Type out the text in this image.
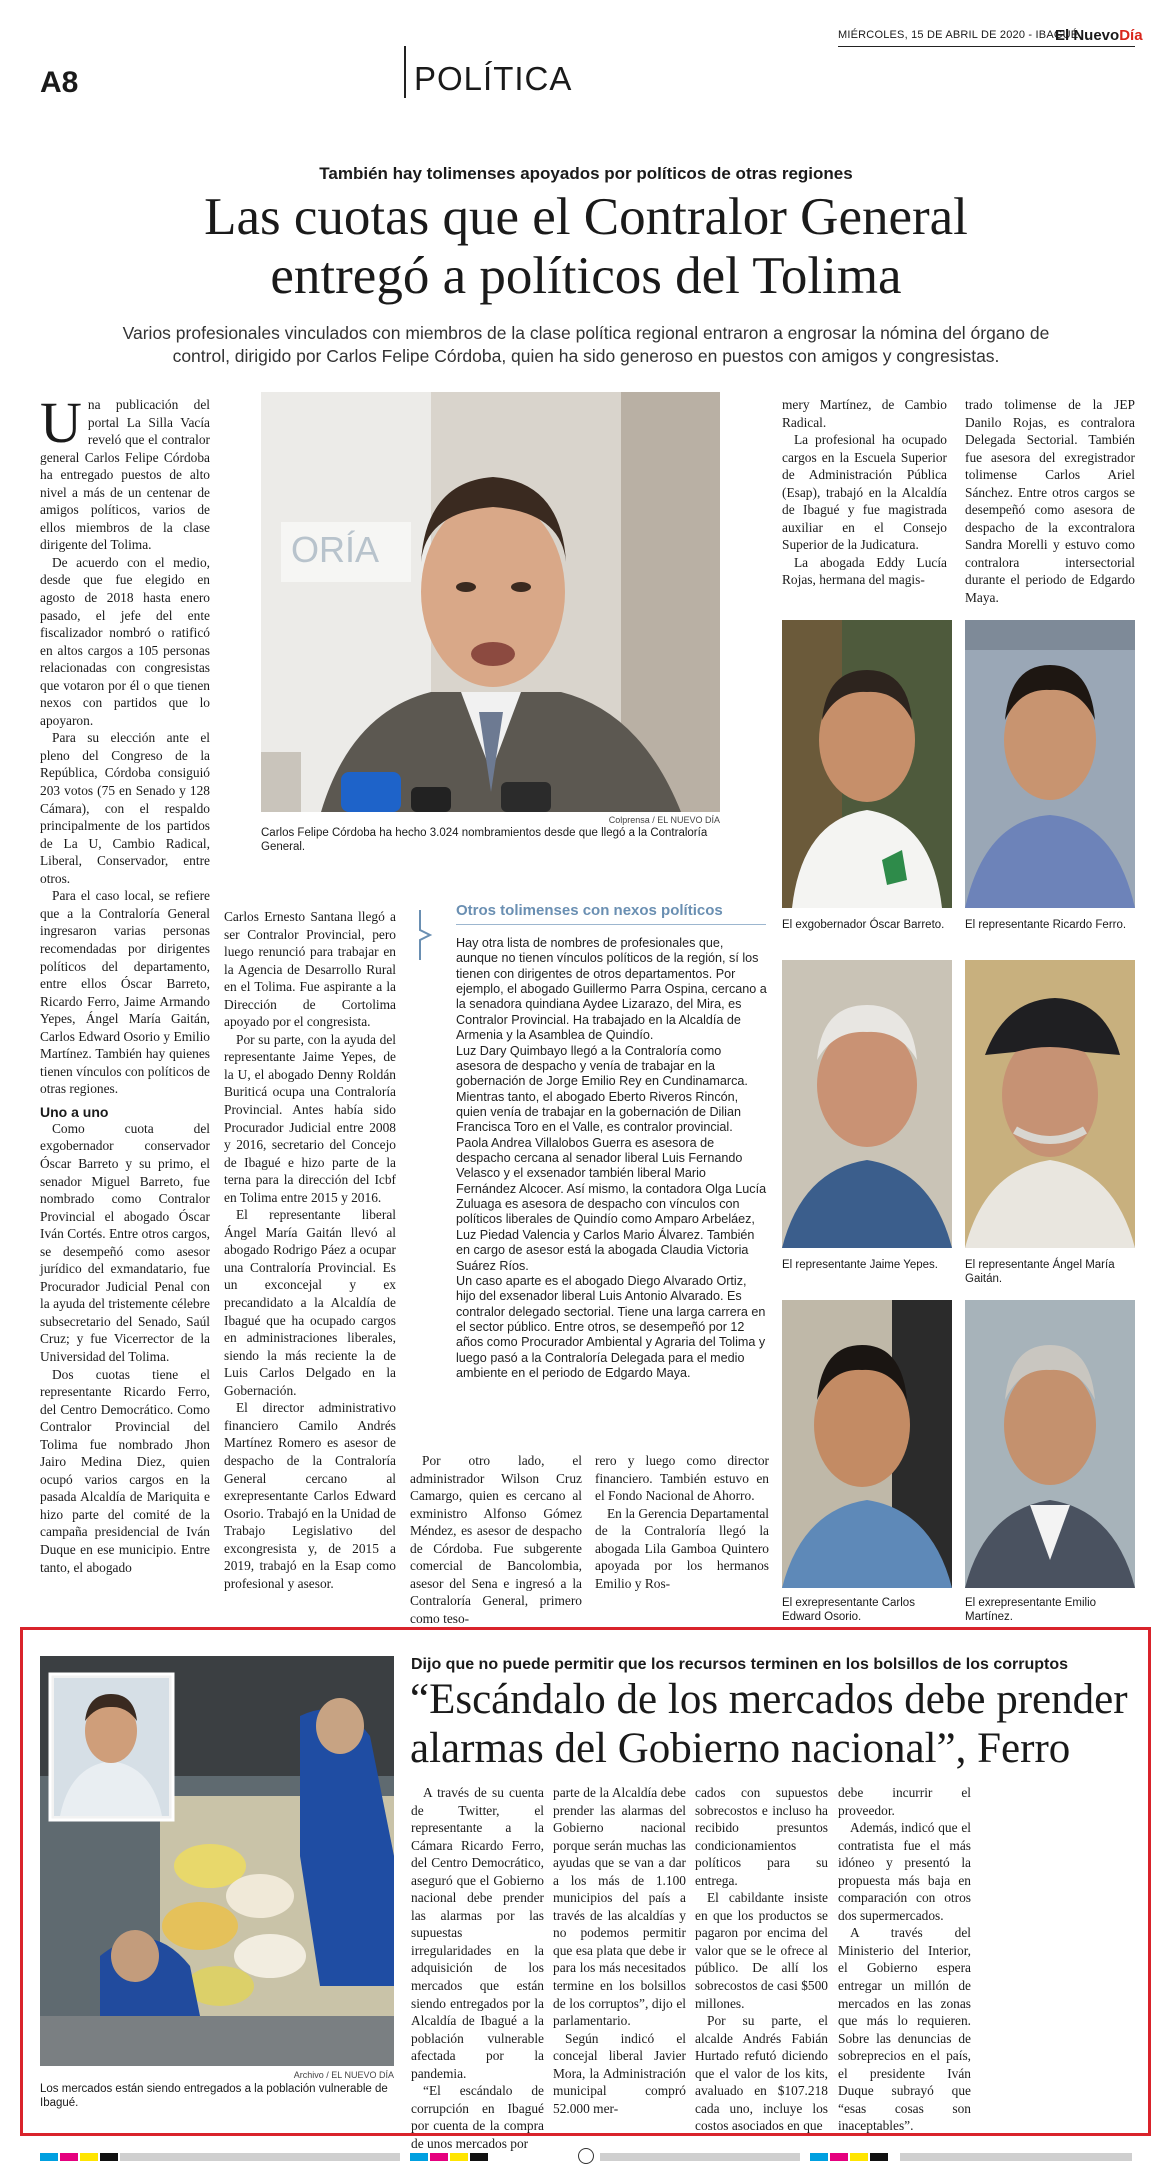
A8	POLÍTICA
MIÉRCOLES, 15 DE ABRIL DE 2020 - IBAGUÉ
El NuevoDía
También hay tolimenses apoyados por políticos de otras regiones
Las cuotas que el Contralor General
entregó a políticos del Tolima
Varios profesionales vinculados con miembros de la clase política regional entraron a engrosar la nómina del órgano de control, dirigido por Carlos Felipe Córdoba, quien ha sido generoso en puestos con amigos y congresistas.

Una publicación del portal La Silla Vacía reveló que el contralor general Carlos Felipe Córdoba ha entregado puestos de alto nivel a más de un centenar de amigos políticos, varios de ellos miembros de la clase dirigente del Tolima.

De acuerdo con el medio, desde que fue elegido en agosto de 2018 hasta enero pasado, el jefe del ente fiscalizador nombró o ratificó en altos cargos a 105 personas relacionadas con congresistas que votaron por él o que tienen nexos con partidos que lo apoyaron.

Para su elección ante el pleno del Congreso de la República, Córdoba consiguió 203 votos (75 en Senado y 128 Cámara), con el respaldo principalmente de los partidos de La U, Cambio Radical, Liberal, Conservador, entre otros.

Para el caso local, se refiere que a la Contraloría General ingresaron varias personas recomendadas por dirigentes políticos del departamento, entre ellos Óscar Barreto, Ricardo Ferro, Jaime Armando Yepes, Ángel María Gaitán, Carlos Edward Osorio y Emilio Martínez. También hay quienes tienen vínculos con políticos de otras regiones.

Uno a uno

Como cuota del exgobernador conservador Óscar Barreto y su primo, el senador Miguel Barreto, fue nombrado como Contralor Provincial el abogado Óscar Iván Cortés. Entre otros cargos, se desempeñó como asesor jurídico del exmandatario, fue Procurador Judicial Penal con la ayuda del tristemente célebre subsecretario del Senado, Saúl Cruz; y fue Vicerrector de la Universidad del Tolima.

Dos cuotas tiene el representante Ricardo Ferro, del Centro Democrático. Como Contralor Provincial del Tolima fue nombrado Jhon Jairo Medina Diez, quien ocupó varios cargos en la pasada Alcaldía de Mariquita e hizo parte del comité de la campaña presidencial de Iván Duque en ese municipio. Entre tanto, el abogado

ORÍA
Colprensa / EL NUEVO DÍA
Carlos Felipe Córdoba ha hecho 3.024 nombramientos desde que llegó a la Contraloría General.

Carlos Ernesto Santana llegó a ser Contralor Provincial, pero luego renunció para trabajar en la Agencia de Desarrollo Rural en el Tolima. Fue aspirante a la Dirección de Cortolima apoyado por el congresista.

Por su parte, con la ayuda del representante Jaime Yepes, de la U, el abogado Denny Roldán Buriticá ocupa una Contraloría Provincial. Antes había sido Procurador Judicial entre 2008 y 2016, secretario del Concejo de Ibagué e hizo parte de la terna para la dirección del Icbf en Tolima entre 2015 y 2016.

El representante liberal Ángel María Gaitán llevó al abogado Rodrigo Páez a ocupar una Contraloría Provincial. Es un exconcejal y ex precandidato a la Alcaldía de Ibagué que ha ocupado cargos en administraciones liberales, siendo la más reciente la de Luis Carlos Delgado en la Gobernación.

El director administrativo financiero Camilo Andrés Martínez Romero es asesor de despacho de la Contraloría General cercano al exrepresentante Carlos Edward Osorio. Trabajó en la Unidad de Trabajo Legislativo del excongresista y, de 2015 a 2019, trabajó en la Esap como profesional y asesor.

Otros tolimenses con nexos políticos
Hay otra lista de nombres de profesionales que, aunque no tienen vínculos políticos de la región, sí los tienen con dirigentes de otros departamentos. Por ejemplo, el abogado Guillermo Parra Ospina, cercano a la senadora quindiana Aydee Lizarazo, del Mira, es Contralor Provincial. Ha trabajado en la Alcaldía de Armenia y la Asamblea de Quindío.
Luz Dary Quimbayo llegó a la Contraloría como asesora de despacho y venía de trabajar en la gobernación de Jorge Emilio Rey en Cundinamarca. Mientras tanto, el abogado Eberto Riveros Rincón, quien venía de trabajar en la gobernación de Dilian Francisca Toro en el Valle, es contralor provincial.
Paola Andrea Villalobos Guerra es asesora de despacho cercana al senador liberal Luis Fernando Velasco y el exsenador también liberal Mario Fernández Alcocer. Así mismo, la contadora Olga Lucía Zuluaga es asesora de despacho con vínculos con políticos liberales de Quindío como Amparo Arbeláez, Luz Piedad Valencia y Carlos Mario Álvarez. También en cargo de asesor está la abogada Claudia Victoria Suárez Ríos.
Un caso aparte es el abogado Diego Alvarado Ortiz, hijo del exsenador liberal Luis Antonio Alvarado. Es contralor delegado sectorial. Tiene una larga carrera en el sector público. Entre otros, se desempeñó por 12 años como Procurador Ambiental y Agraria del Tolima y luego pasó a la Contraloría Delegada para el medio ambiente en el periodo de Edgardo Maya.

Por otro lado, el administrador Wilson Cruz Camargo, quien es cercano al exministro Alfonso Gómez Méndez, es asesor de despacho de Córdoba. Fue subgerente comercial de Bancolombia, asesor del Sena e ingresó a la Contraloría General, primero como teso-

rero y luego como director financiero. También estuvo en el Fondo Nacional de Ahorro.

En la Gerencia Departamental de la Contraloría llegó la abogada Lila Gamboa Quintero apoyada por los hermanos Emilio y Ros-

mery Martínez, de Cambio Radical.

La profesional ha ocupado cargos en la Escuela Superior de Administración Pública (Esap), trabajó en la Alcaldía de Ibagué y fue magistrada auxiliar en el Consejo Superior de la Judicatura.

La abogada Eddy Lucía Rojas, hermana del magis-

trado tolimense de la JEP Danilo Rojas, es contralora Delegada Sectorial. También fue asesora del exregistrador tolimense Carlos Ariel Sánchez. Entre otros cargos se desempeñó como asesora de despacho de la excontralora Sandra Morelli y estuvo como contralora intersectorial durante el periodo de Edgardo Maya.

El exgobernador Óscar Barreto.	El representante Ricardo Ferro.
El representante Jaime Yepes.	El representante Ángel María Gaitán.
El exrepresentante Carlos Edward Osorio.
El exrepresentante Emilio Martínez.
Archivo / EL NUEVO DÍA
Los mercados están siendo entregados a la población vulnerable de Ibagué.
Dijo que no puede permitir que los recursos terminen en los bolsillos de los corruptos
“Escándalo de los mercados debe prender
alarmas del Gobierno nacional”, Ferro

A través de su cuenta de Twitter, el representante a la Cámara Ricardo Ferro, del Centro Democrático, aseguró que el Gobierno nacional debe prender las alarmas por las supuestas irregularidades en la adquisición de los mercados que están siendo entregados por la Alcaldía de Ibagué a la población vulnerable afectada por la pandemia.

“El escándalo de corrupción en Ibagué por cuenta de la compra de unos mercados por

parte de la Alcaldía debe prender las alarmas del Gobierno nacional porque serán muchas las ayudas que se van a dar a los más de 1.100 municipios del país a través de las alcaldías y no podemos permitir que esa plata que debe ir para los más necesitados termine en los bolsillos de los corruptos”, dijo el parlamentario.

Según indicó el concejal liberal Javier Mora, la Administración municipal compró 52.000 mer-

cados con supuestos sobrecostos e incluso ha recibido presuntos condicionamientos políticos para su entrega.

El cabildante insiste en que los productos se pagaron por encima del valor que se le ofrece al público. De allí los sobrecostos de casi $500 millones.

Por su parte, el alcalde Andrés Fabián Hurtado refutó diciendo que el valor de los kits, avaluado en $107.218 cada uno, incluye los costos asociados en que

debe incurrir el proveedor.

Además, indicó que el contratista fue el más idóneo y presentó la propuesta más baja en comparación con otros dos supermercados.

A través del Ministerio del Interior, el Gobierno espera entregar un millón de mercados en las zonas que más lo requieren. Sobre las denuncias de sobreprecios en el país, el presidente Iván Duque subrayó que “esas cosas son inaceptables”.
